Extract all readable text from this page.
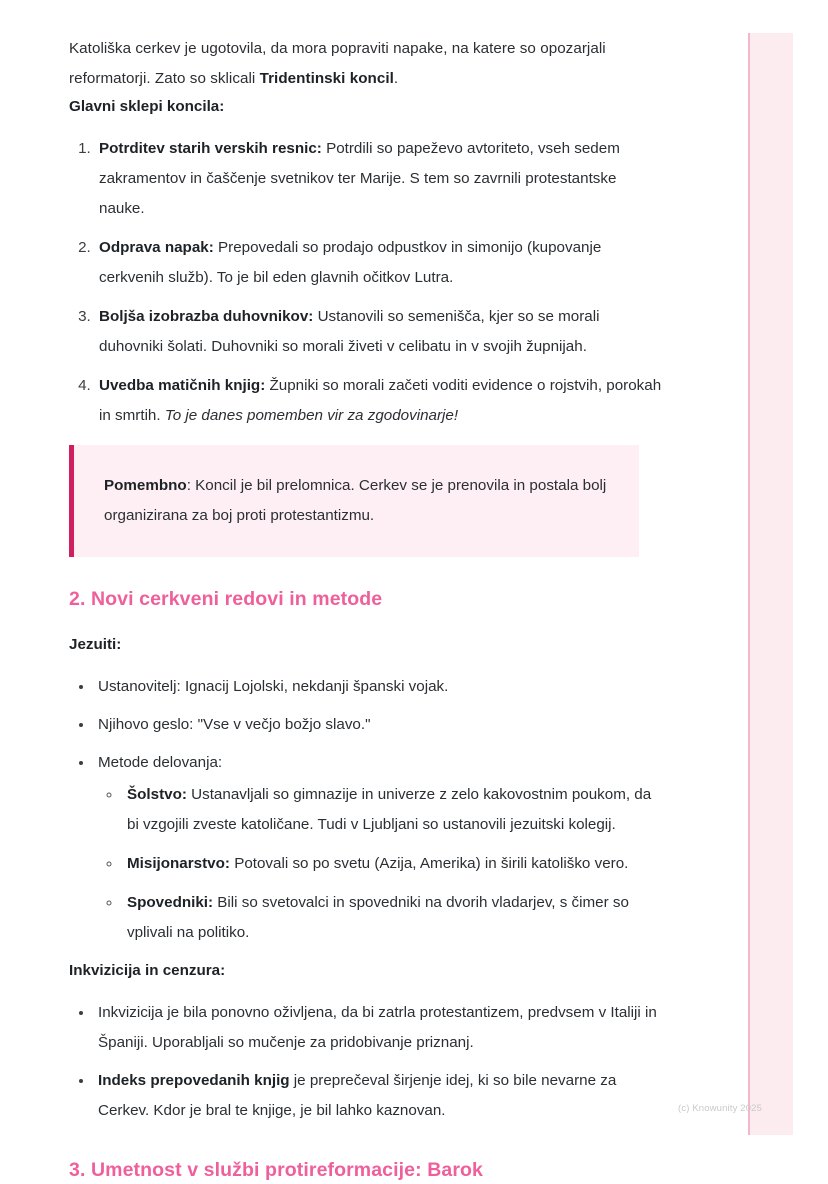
Katoliška cerkev je ugotovila, da mora popraviti napake, na katere so opozarjali reformatorji. Zato so sklicali Tridentinski koncil.

Glavni sklepi koncila:
1. Potrditev starih verskih resnic: Potrdili so papeževo avtoriteto, vseh sedem zakramentov in čaščenje svetnikov ter Marije. S tem so zavrnili protestantske nauke.
2. Odprava napak: Prepovedali so prodajo odpustkov in simonijo (kupovanje cerkvenih služb). To je bil eden glavnih očitkov Lutra.
3. Boljša izobrazba duhovnikov: Ustanovili so semenišča, kjer so se morali duhovniki šolati. Duhovniki so morali živeti v celibatu in v svojih župnijah.
4. Uvedba matičnih knjig: Župniki so morali začeti voditi evidence o rojstvih, porokah in smrtih. To je danes pomemben vir za zgodovinarje!

Pomembno: Koncil je bil prelomnica. Cerkev se je prenovila in postala bolj organizirana za boj proti protestantizmu.

2. Novi cerkveni redovi in metode
Jezuiti:
• Ustanovitelj: Ignacij Lojolski, nekdanji španski vojak.
• Njihovo geslo: "Vse v večjo božjo slavo."
• Metode delovanja:
◦ Šolstvo: Ustanavljali so gimnazije in univerze z zelo kakovostnim poukom, da bi vzgojili zveste katoličane. Tudi v Ljubljani so ustanovili jezuitski kolegij.
◦ Misijonarstvo: Potovali so po svetu (Azija, Amerika) in širili katoliško vero.
◦ Spovedniki: Bili so svetovalci in spovedniki na dvorih vladarjev, s čimer so vplivali na politiko.
Inkvizicija in cenzura:
• Inkvizicija je bila ponovno oživljena, da bi zatrla protestantizem, predvsem v Italiji in Španiji. Uporabljali so mučenje za pridobivanje priznanj.
• Indeks prepovedanih knjig je preprečeval širjenje idej, ki so bile nevarne za Cerkev. Kdor je bral te knjige, je bil lahko kaznovan.
3. Umetnost v službi protireformacije: Barok
(c) Knowunity 2025
